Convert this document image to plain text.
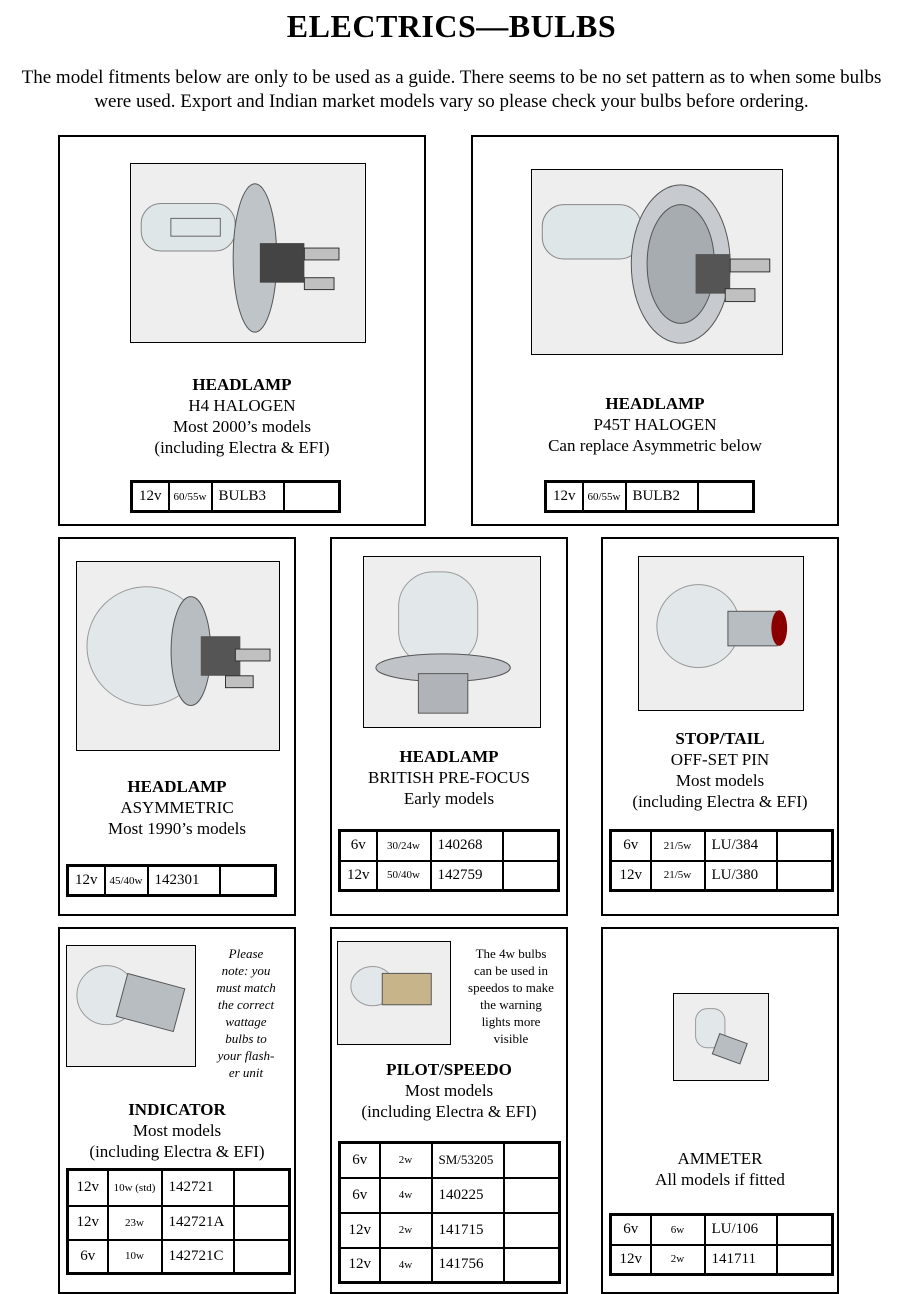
ELECTRICS—BULBS
The model fitments below are only to be used as a guide. There seems to be no set pattern as to when some bulbs were used. Export and Indian market models vary so please check your bulbs before ordering.
HEADLAMP
H4 HALOGEN
Most 2000’s models
(including Electra & EFI)
12v	60/55w	BULB3	
HEADLAMP
P45T HALOGEN
Can replace Asymmetric below
12v	60/55w	BULB2	
HEADLAMP
ASYMMETRIC
Most 1990’s models
12v	45/40w	142301	
HEADLAMP
BRITISH PRE-FOCUS
Early models
6v	30/24w	140268	
12v	50/40w	142759	
STOP/TAIL
OFF-SET PIN
Most models
(including Electra & EFI)
6v	21/5w	LU/384	
12v	21/5w	LU/380	
Please
note: you
must match
the correct
wattage
bulbs to
your flash-
er unit
INDICATOR
Most models
(including Electra & EFI)
12v	10w (std)	142721	
12v	23w	142721A	
6v	10w	142721C	
The 4w bulbs
can be used in
speedos to make
the warning
lights more
visible
PILOT/SPEEDO
Most models
(including Electra & EFI)
6v	2w	SM/53205	
6v	4w	140225	
12v	2w	141715	
12v	4w	141756	
AMMETER
All models if fitted
6v	6w	LU/106	
12v	2w	141711	
